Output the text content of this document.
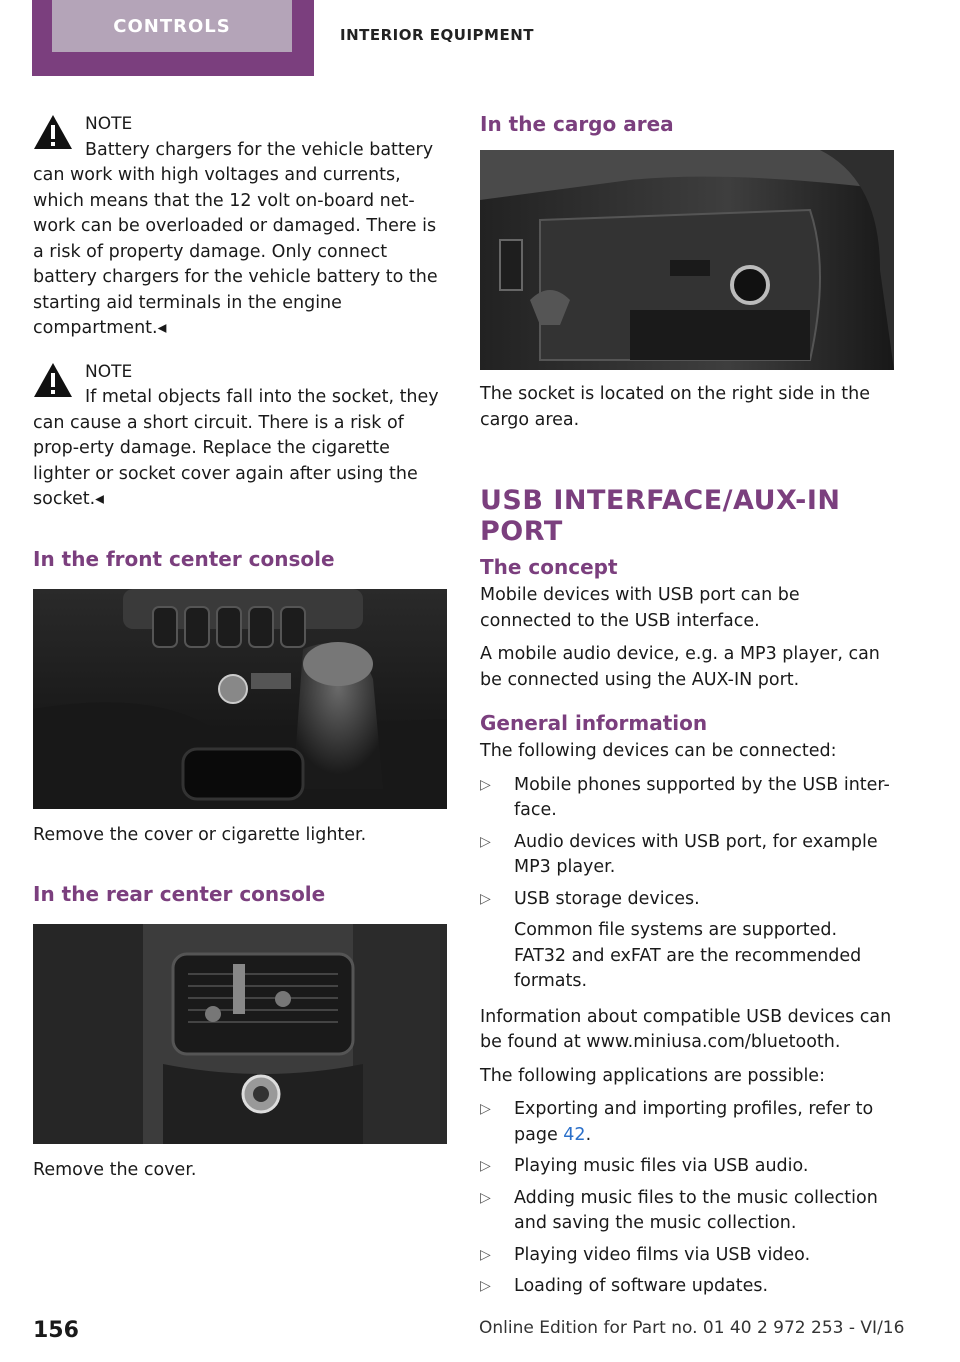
CONTROLS	INTERIOR EQUIPMENT
NOTE
Battery chargers for the vehicle battery
can work with high voltages and currents, which means that the 12 volt on-board net-work can be overloaded or damaged. There is a risk of property damage. Only connect battery chargers for the vehicle battery to the starting aid terminals in the engine compartment.◂
NOTE
If metal objects fall into the socket, they
can cause a short circuit. There is a risk of prop-erty damage. Replace the cigarette lighter or socket cover again after using the socket.◂
In the front center console
Remove the cover or cigarette lighter.
In the rear center console
Remove the cover.
In the cargo area
The socket is located on the right side in the cargo area.
USB INTERFACE/AUX-IN PORT
The concept
Mobile devices with USB port can be connected to the USB interface.
A mobile audio device, e.g. a MP3 player, can be connected using the AUX-IN port.
General information
The following devices can be connected:
▷ Mobile phones supported by the USB inter-face.
▷ Audio devices with USB port, for example MP3 player.
▷ USB storage devices.
Common file systems are supported. FAT32 and exFAT are the recommended formats.
Information about compatible USB devices can be found at www.miniusa.com/bluetooth.
The following applications are possible:
▷ Exporting and importing profiles, refer to page 42.
▷ Playing music files via USB audio.
▷ Adding music files to the music collection and saving the music collection.
▷ Playing video films via USB video.
▷ Loading of software updates.
156	Online Edition for Part no. 01 40 2 972 253 - VI/16
